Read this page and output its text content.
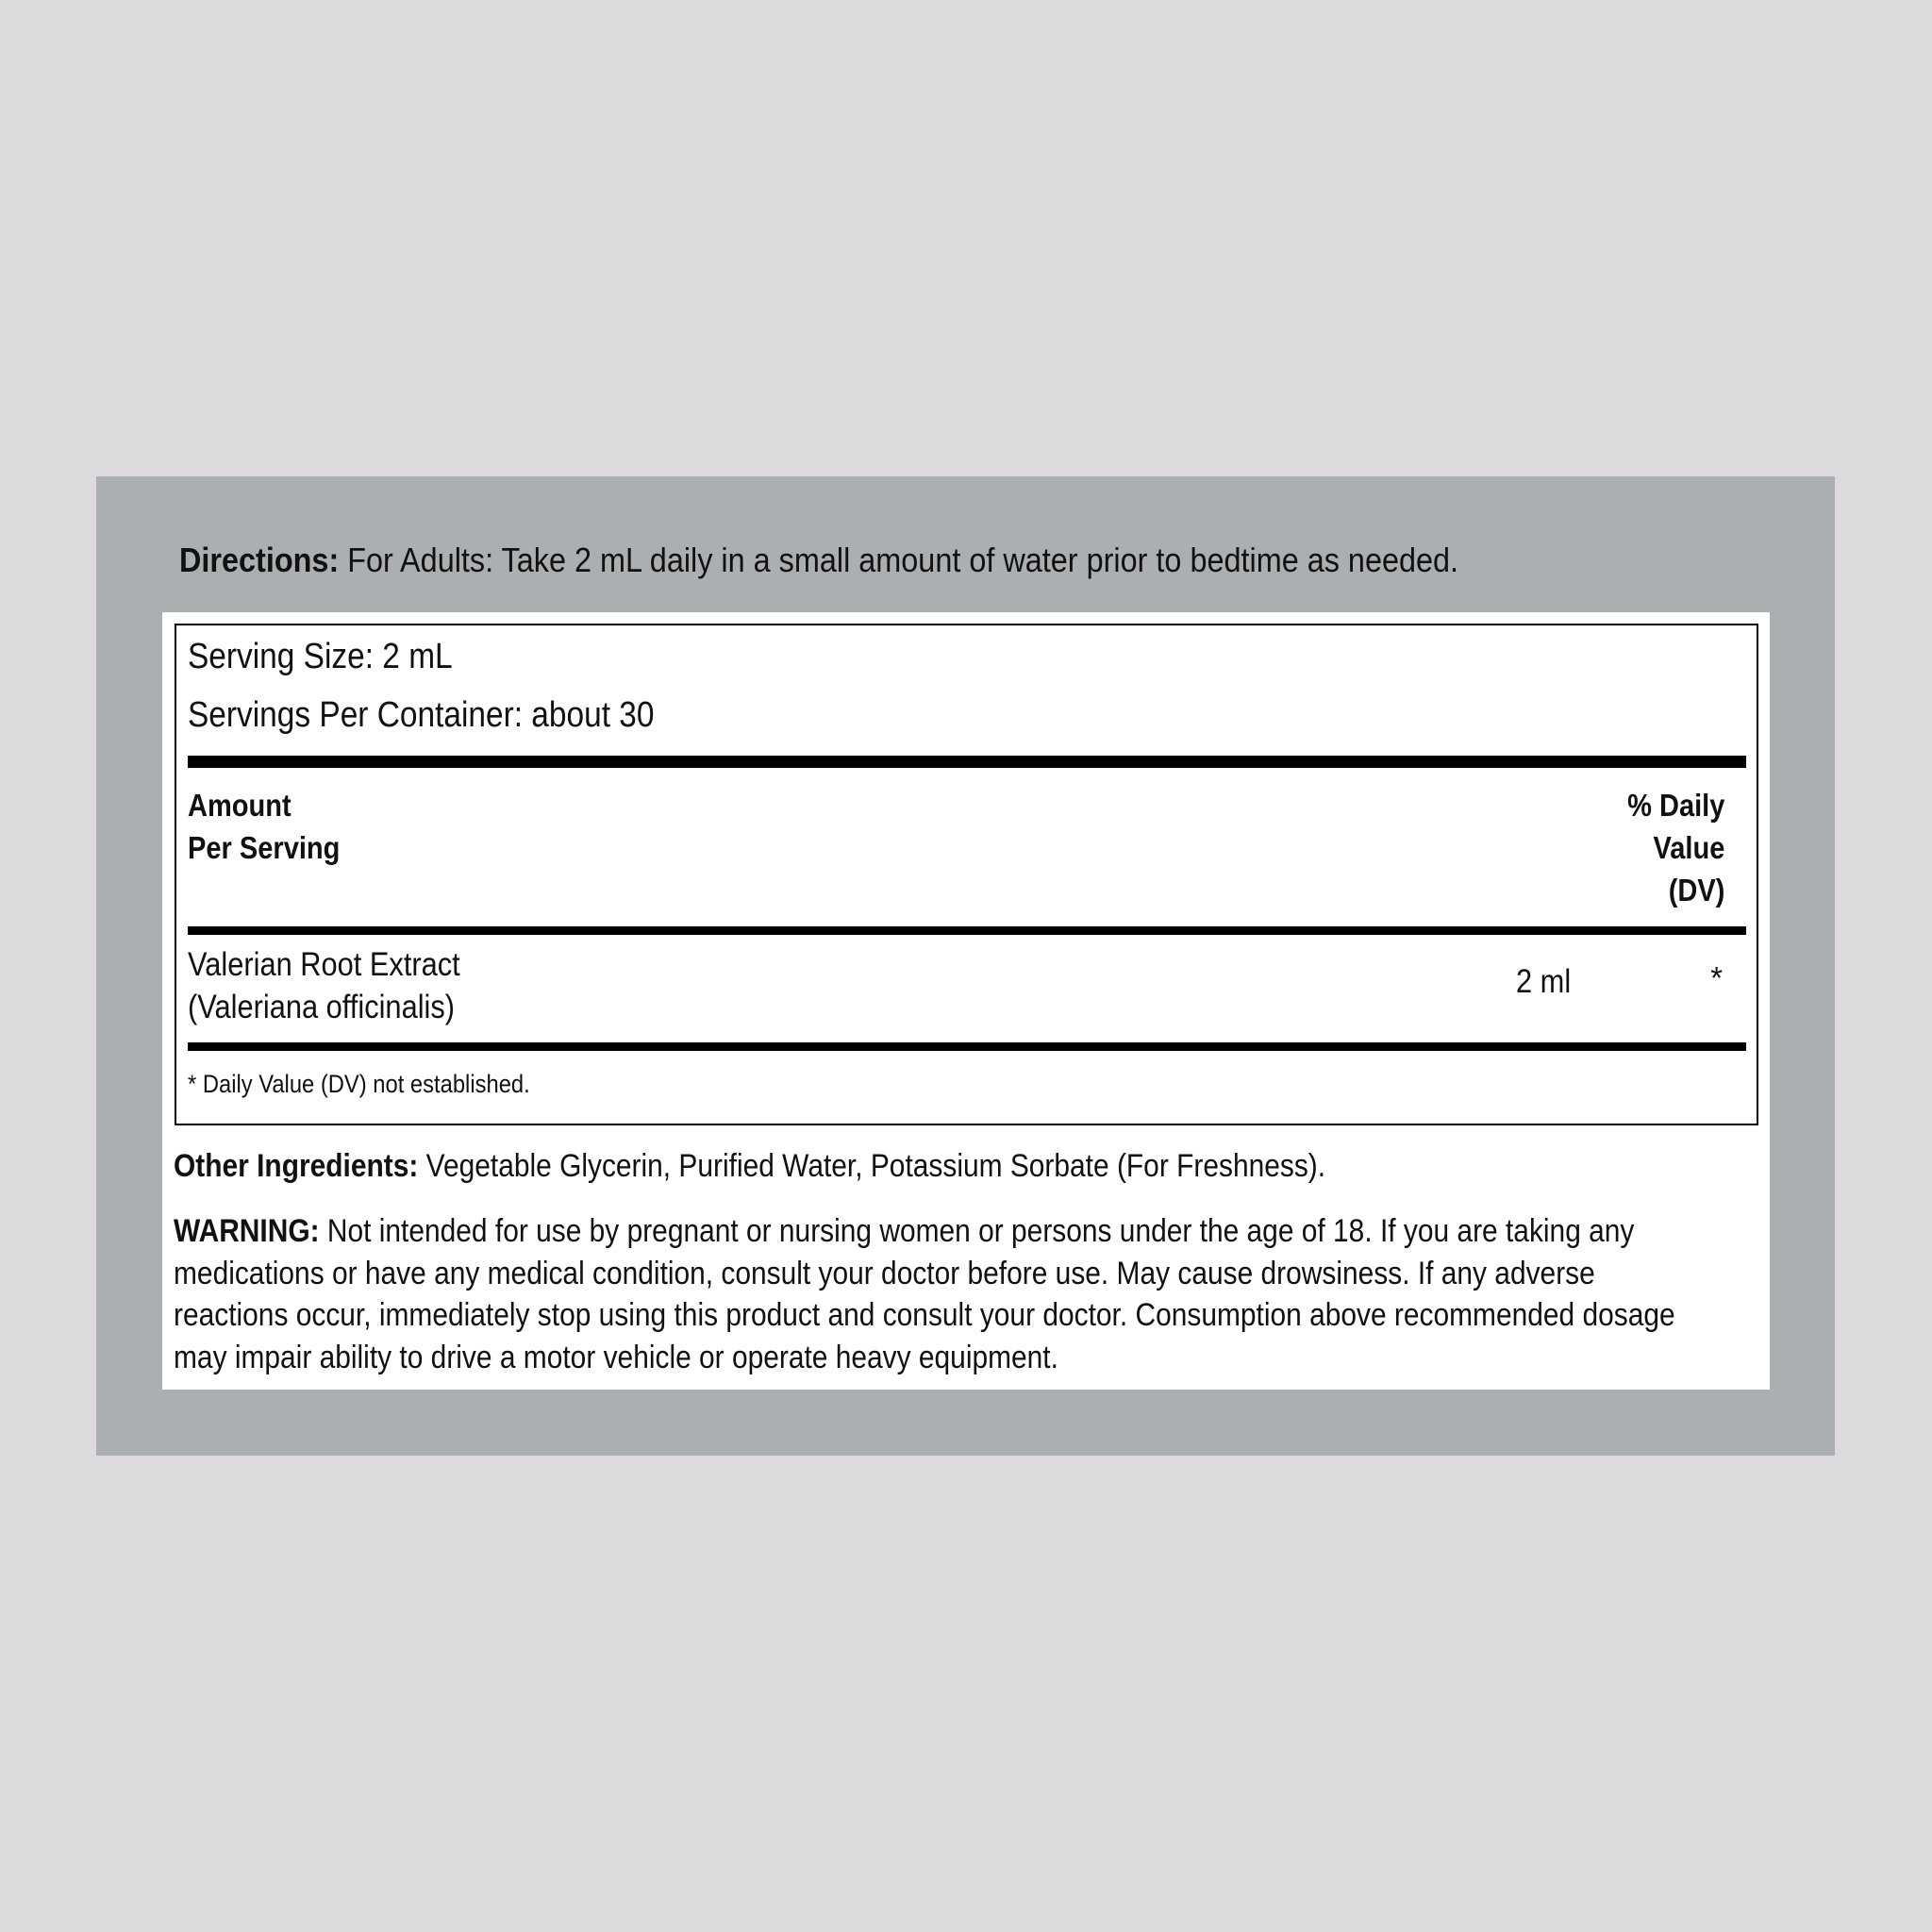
Directions: For Adults: Take 2 mL daily in a small amount of water prior to bedtime as needed.
Serving Size: 2 mL
Servings Per Container: about 30
Amount
Per Serving
% Daily
Value
(DV)
Valerian Root Extract
(Valeriana officinalis)
2 ml	*
* Daily Value (DV) not established.
Other Ingredients: Vegetable Glycerin, Purified Water, Potassium Sorbate (For Freshness).
WARNING: Not intended for use by pregnant or nursing women or persons under the age of 18. If you are taking any
medications or have any medical condition, consult your doctor before use. May cause drowsiness. If any adverse
reactions occur, immediately stop using this product and consult your doctor. Consumption above recommended dosage
may impair ability to drive a motor vehicle or operate heavy equipment.
